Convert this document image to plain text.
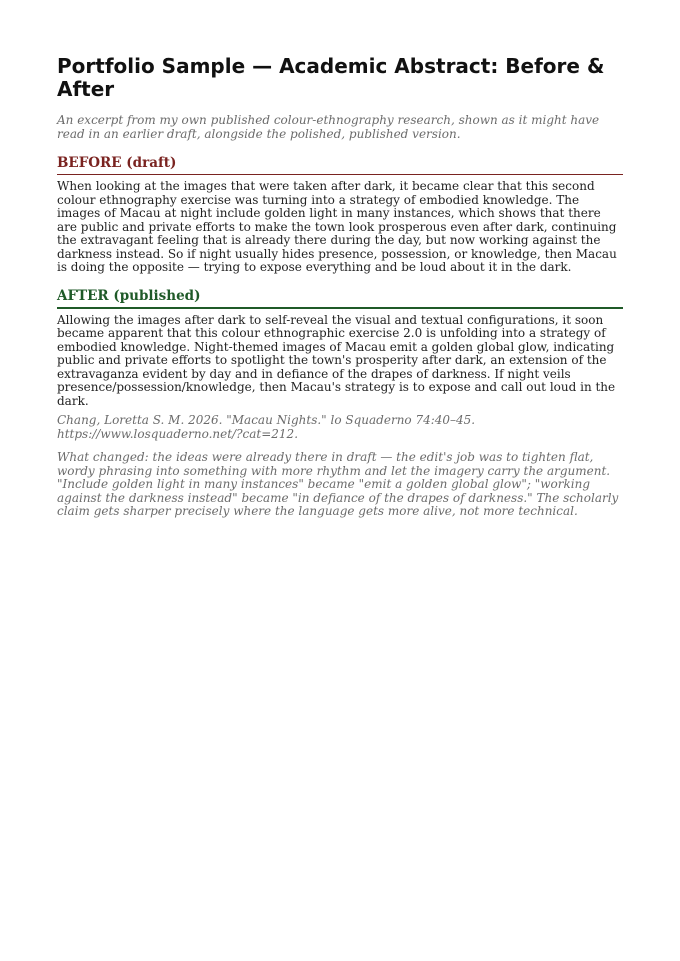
Portfolio Sample — Academic Abstract: Before & After

An excerpt from my own published colour-ethnography research, shown as it might have read in an earlier draft, alongside the polished, published version.

BEFORE (draft)

When looking at the images that were taken after dark, it became clear that this second colour ethnography exercise was turning into a strategy of embodied knowledge. The images of Macau at night include golden light in many instances, which shows that there are public and private efforts to make the town look prosperous even after dark, continuing the extravagant feeling that is already there during the day, but now working against the darkness instead. So if night usually hides presence, possession, or knowledge, then Macau is doing the opposite — trying to expose everything and be loud about it in the dark.

AFTER (published)

Allowing the images after dark to self-reveal the visual and textual configurations, it soon became apparent that this colour ethnographic exercise 2.0 is unfolding into a strategy of embodied knowledge. Night-themed images of Macau emit a golden global glow, indicating public and private efforts to spotlight the town's prosperity after dark, an extension of the extravaganza evident by day and in defiance of the drapes of darkness. If night veils presence/possession/knowledge, then Macau's strategy is to expose and call out loud in the dark.

Chang, Loretta S. M. 2026. "Macau Nights." lo Squaderno 74:40–45. https://www.losquaderno.net/?cat=212.

What changed: the ideas were already there in draft — the edit's job was to tighten flat, wordy phrasing into something with more rhythm and let the imagery carry the argument. "Include golden light in many instances" became "emit a golden global glow"; "working against the darkness instead" became "in defiance of the drapes of darkness." The scholarly claim gets sharper precisely where the language gets more alive, not more technical.
